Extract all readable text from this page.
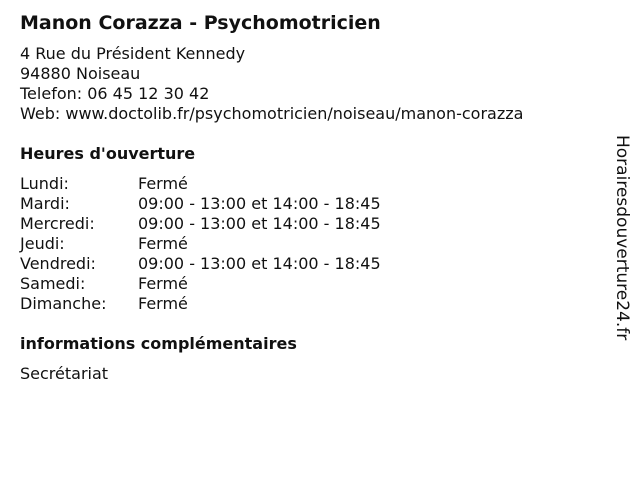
Manon Corazza - Psychomotricien
4 Rue du Président Kennedy
94880 Noiseau
Telefon: 06 45 12 30 42
Web: www.doctolib.fr/psychomotricien/noiseau/manon-corazza
Heures d'ouverture
Lundi:	Fermé
Mardi:	09:00 - 13:00 et 14:00 - 18:45
Mercredi:	09:00 - 13:00 et 14:00 - 18:45
Jeudi:	Fermé
Vendredi:	09:00 - 13:00 et 14:00 - 18:45
Samedi:	Fermé
Dimanche:	Fermé
informations complémentaires
Secrétariat
Horairesdouverture24.fr
